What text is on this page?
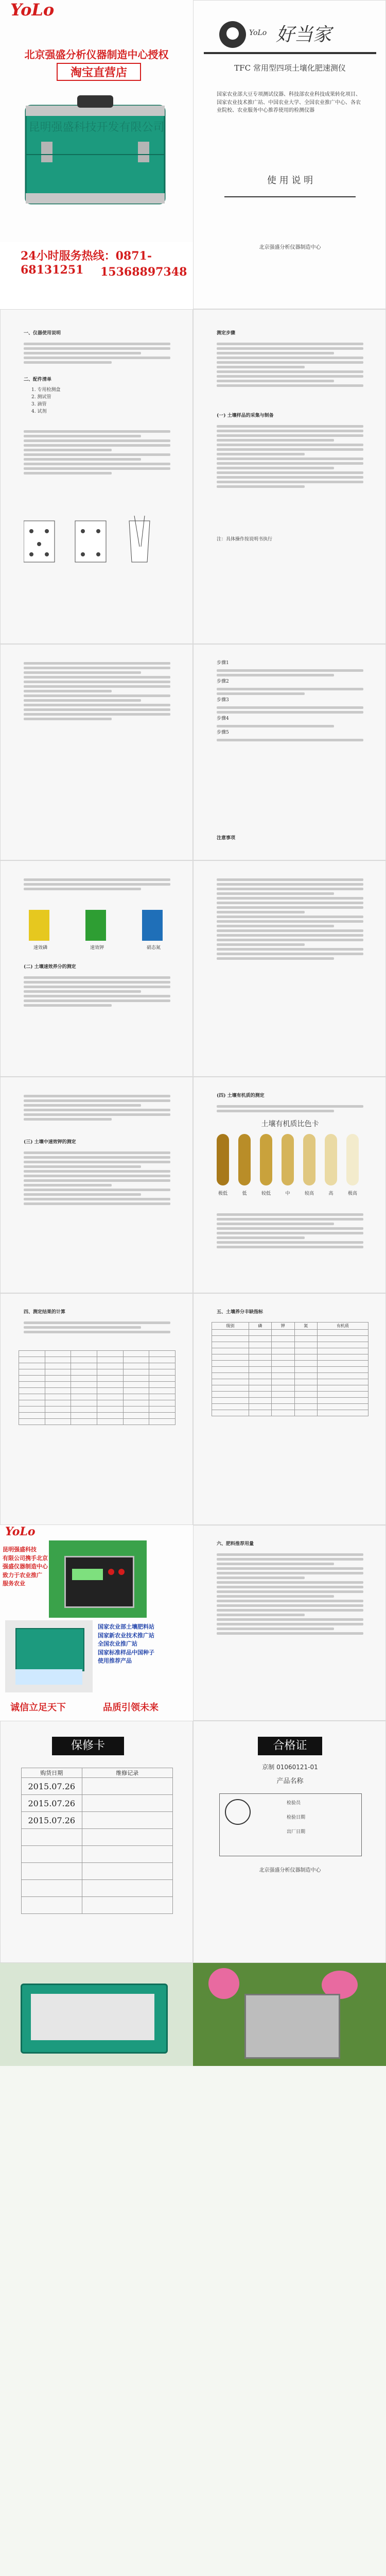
YoLo
北京强盛分析仪器制造中心授权
淘宝直营店
昆明强盛科技开发有限公司
24小时服务热线：0871-68131251	15368897348
YoLo 好当家
TFC 常用型四项土壤化肥速测仪

国家农业部大豆专项测试仪器、科技部农业科技成果转化项目、国家农业技术推广站、中国农业大学、全国农业推广中心、各农业院校、农业服务中心推荐使用的检测仪器

使 用 说 明
北京强盛分析仪器制造中心
一、仪器使用说明
二、配件清单
1. 专用检测盒
2. 测试管
3. 滴管
4. 试剂
测定步骤
(一) 土壤样品的采集与制备
注：具体操作按说明书执行
步骤1
步骤2
步骤3
步骤4
步骤5
注意事项
速效磷	速效钾	硝态氮
(二) 土壤速效养分的测定
(三) 土壤中速效钾的测定
(四) 土壤有机质的测定
土壤有机质比色卡
极低	低	较低	中	较高	高	极高
四、测定结果的计算

						五、土壤养分丰缺指标
级别	磷	钾	氮	有机质

YoLo
昆明强盛科技
有限公司携手北京
强盛仪器制造中心
致力于农业推广
服务农业
国家农业部土壤肥料站
国家新农业技术推广站
全国农业推广站
国家标准样品中国种子
使用推荐产品
诚信立足天下	品质引领未来
六、肥料推荐用量
保修卡
购货日期	维修记录
2015.07.26	
2015.07.26	
2015.07.26	

合格证
京制 01060121-01
产品名称
检验员
检验日期
出厂日期
北京强盛分析仪器制造中心
